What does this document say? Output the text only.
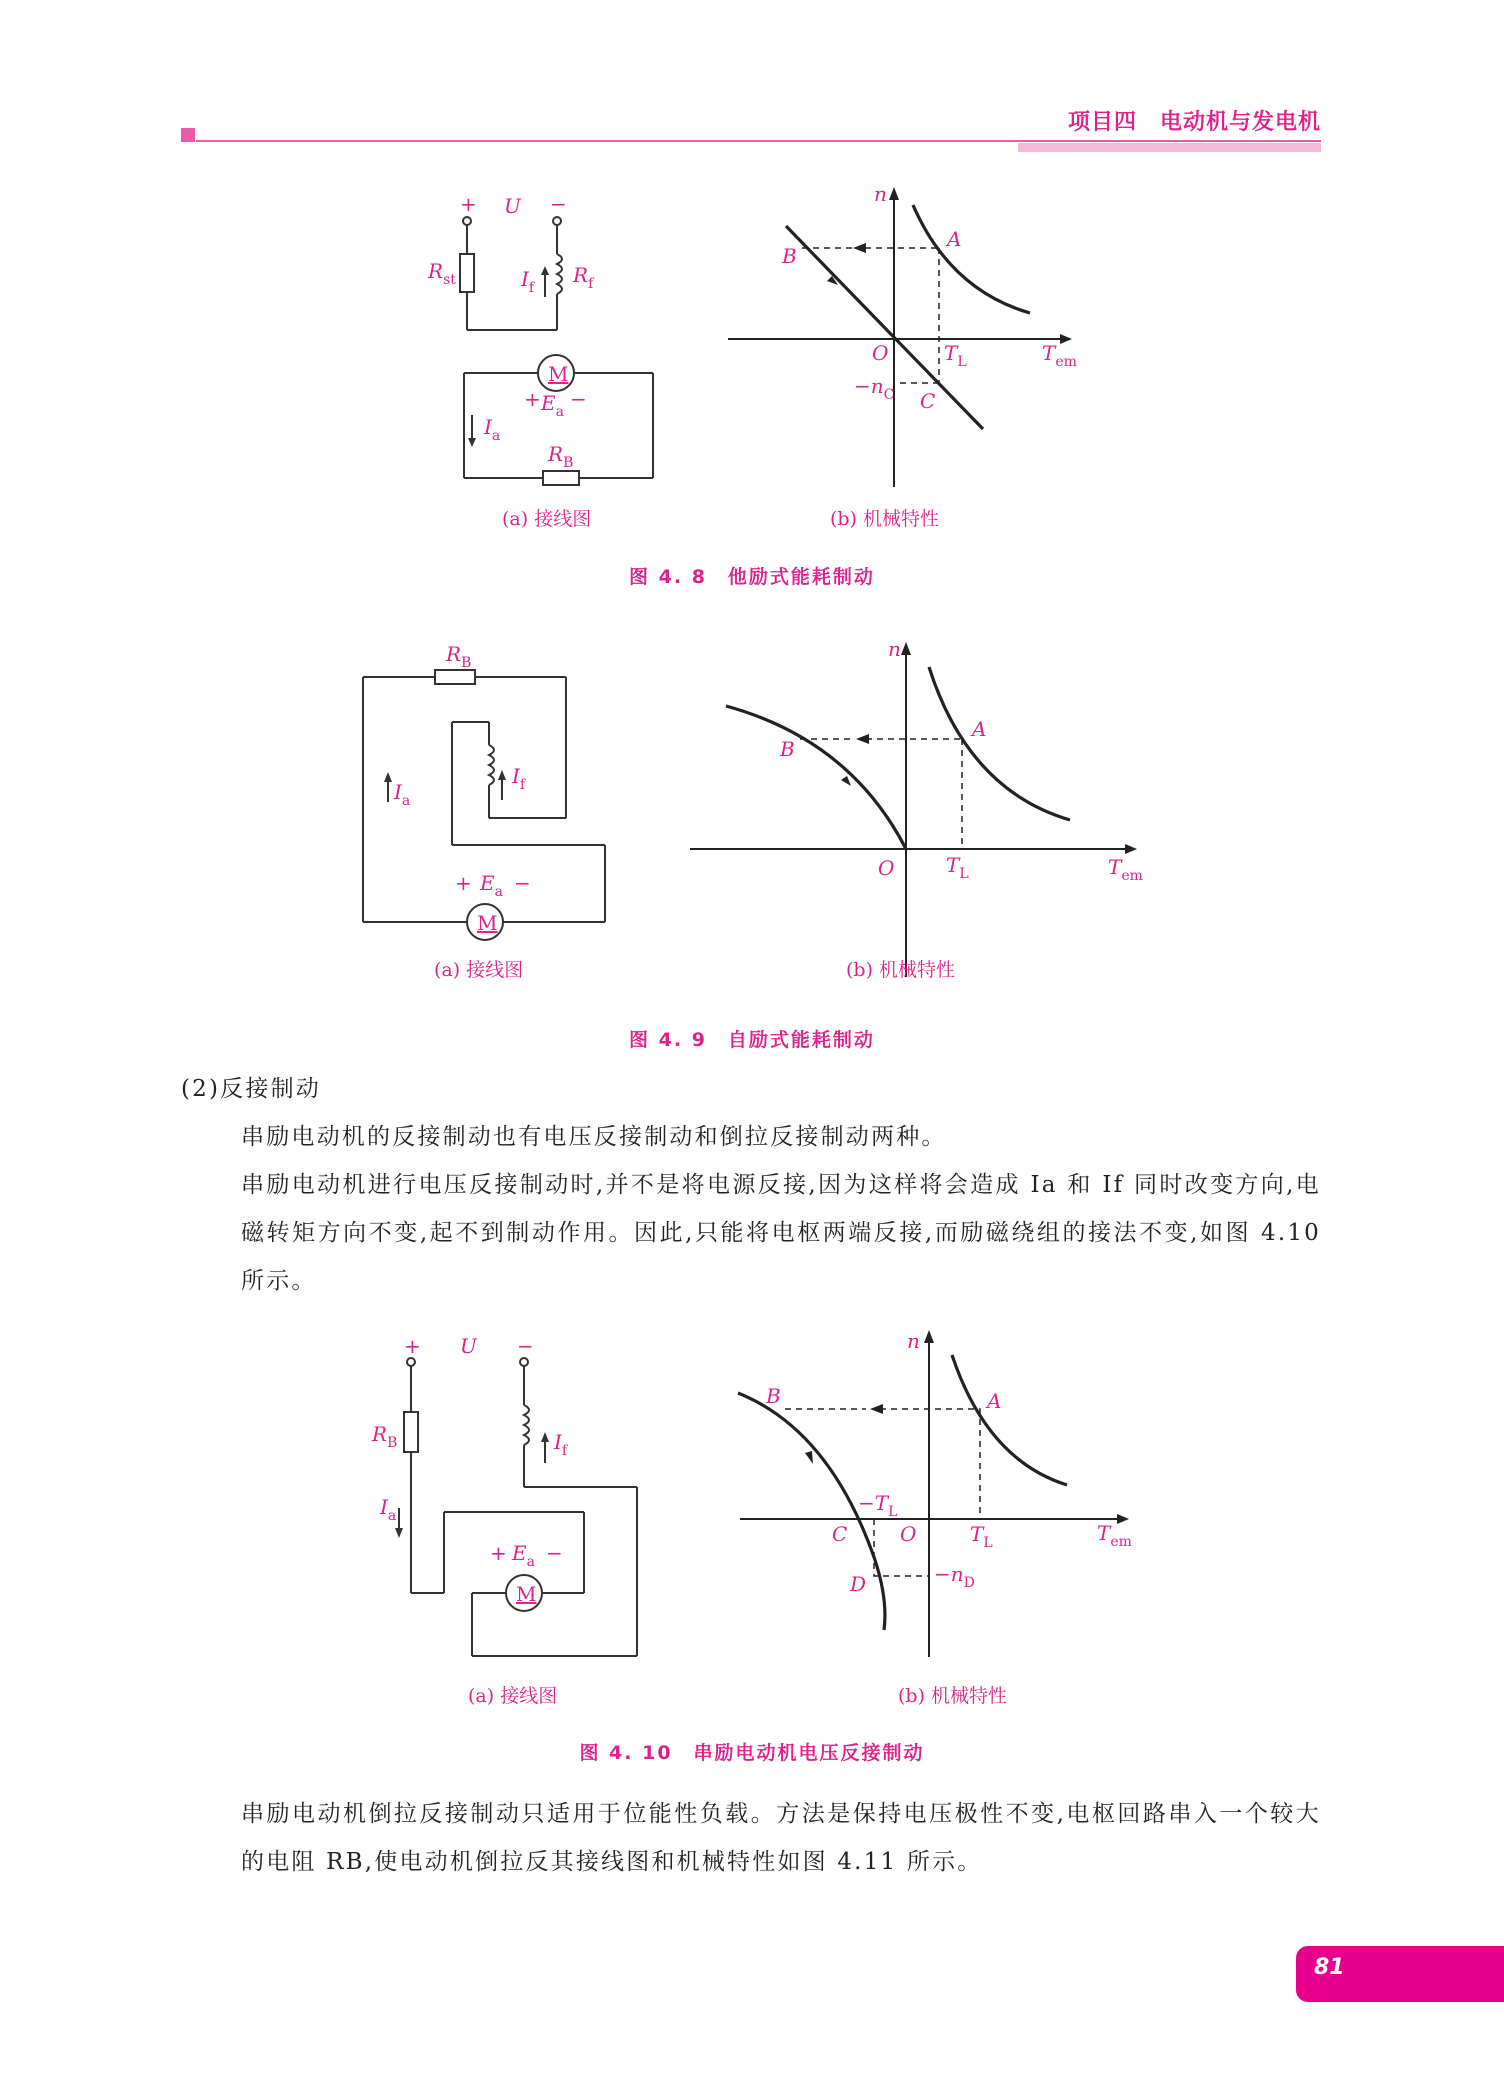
项目四　电动机与发电机
+ U −
$R_{st}$	$I_f$
$R_f$
M
+ $E_a$
−
$I_a$
$R_B$
(a) 接线图
n
B
A
O	$T_L$	$T_{em}$
$-n_C$ C
(b) 机械特性
图 4. 8　他励式能耗制动
$R_B$
$I_a$
$I_f$
+ $E_a$ −
M
(a) 接线图
n
B
A
O	$T_L$	$T_{em}$
(b) 机械特性
图 4. 9　自励式能耗制动
(2)反接制动
串励电动机的反接制动也有电压反接制动和倒拉反接制动两种。
串励电动机进行电压反接制动时,并不是将电源反接,因为这样将会造成 Ia 和 If 同时改变方向,电磁转矩方向不变,起不到制动作用。因此,只能将电枢两端反接,而励磁绕组的接法不变,如图 4.10 所示。
+ U −
$R_B$
$I_a$
$I_f$
+ $E_a$ −
M
(a) 接线图
n
B	A
$-T_L$
C	O	$T_L$	$T_{em}$
D	$-n_D$
(b) 机械特性
图 4. 10　串励电动机电压反接制动
串励电动机倒拉反接制动只适用于位能性负载。方法是保持电压极性不变,电枢回路串入一个较大的电阻 RB,使电动机倒拉反其接线图和机械特性如图 4.11 所示。
81
